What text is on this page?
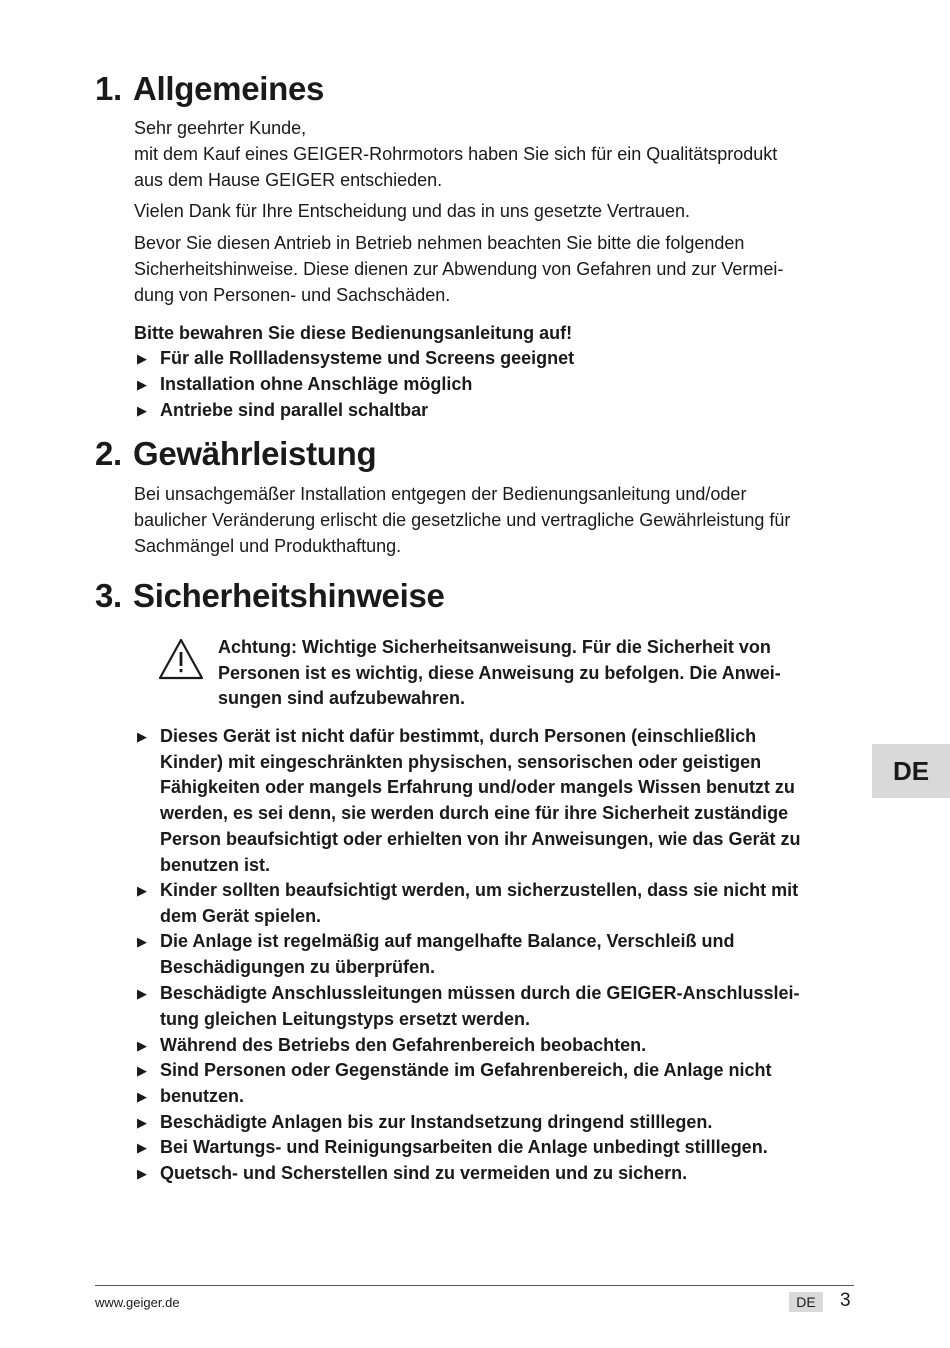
1. Allgemeines

Sehr geehrter Kunde,
mit dem Kauf eines GEIGER-Rohrmotors haben Sie sich für ein Qualitätsprodukt
aus dem Hause GEIGER entschieden.

Vielen Dank für Ihre Entscheidung und das in uns gesetzte Vertrauen.

Bevor Sie diesen Antrieb in Betrieb nehmen beachten Sie bitte die folgenden
Sicherheitshinweise. Diese dienen zur Abwendung von Gefahren und zur Vermei-
dung von Personen- und Sachschäden.

Bitte bewahren Sie diese Bedienungsanleitung auf!

▶ Für alle Rollladensysteme und Screens geeignet
▶ Installation ohne Anschläge möglich
▶ Antriebe sind parallel schaltbar
2. Gewährleistung

Bei unsachgemäßer Installation entgegen der Bedienungsanleitung und/oder
baulicher Veränderung erlischt die gesetzliche und vertragliche Gewährleistung für
Sachmängel und Produkthaftung.

3. Sicherheitshinweise
Achtung: Wichtige Sicherheitsanweisung. Für die Sicherheit von
Personen ist es wichtig, diese Anweisung zu befolgen. Die Anwei-
sungen sind aufzubewahren.
▶ Dieses Gerät ist nicht dafür bestimmt, durch Personen (einschließlich
Kinder) mit eingeschränkten physischen, sensorischen oder geistigen
Fähigkeiten oder mangels Erfahrung und/oder mangels Wissen benutzt zu
werden, es sei denn, sie werden durch eine für ihre Sicherheit zuständige
Person beaufsichtigt oder erhielten von ihr Anweisungen, wie das Gerät zu
benutzen ist.
▶ Kinder sollten beaufsichtigt werden, um sicherzustellen, dass sie nicht mit
dem Gerät spielen.
▶ Die Anlage ist regelmäßig auf mangelhafte Balance, Verschleiß und
Beschädigungen zu überprüfen.
▶ Beschädigte Anschlussleitungen müssen durch die GEIGER-Anschlusslei-
tung gleichen Leitungstyps ersetzt werden.
▶ Während des Betriebs den Gefahrenbereich beobachten.
▶ Sind Personen oder Gegenstände im Gefahrenbereich, die Anlage nicht
▶ benutzen.
▶ Beschädigte Anlagen bis zur Instandsetzung dringend stilllegen.
▶ Bei Wartungs- und Reinigungsarbeiten die Anlage unbedingt stilllegen.
▶ Quetsch- und Scherstellen sind zu vermeiden und zu sichern.
DE
www.geiger.de	DE	3
